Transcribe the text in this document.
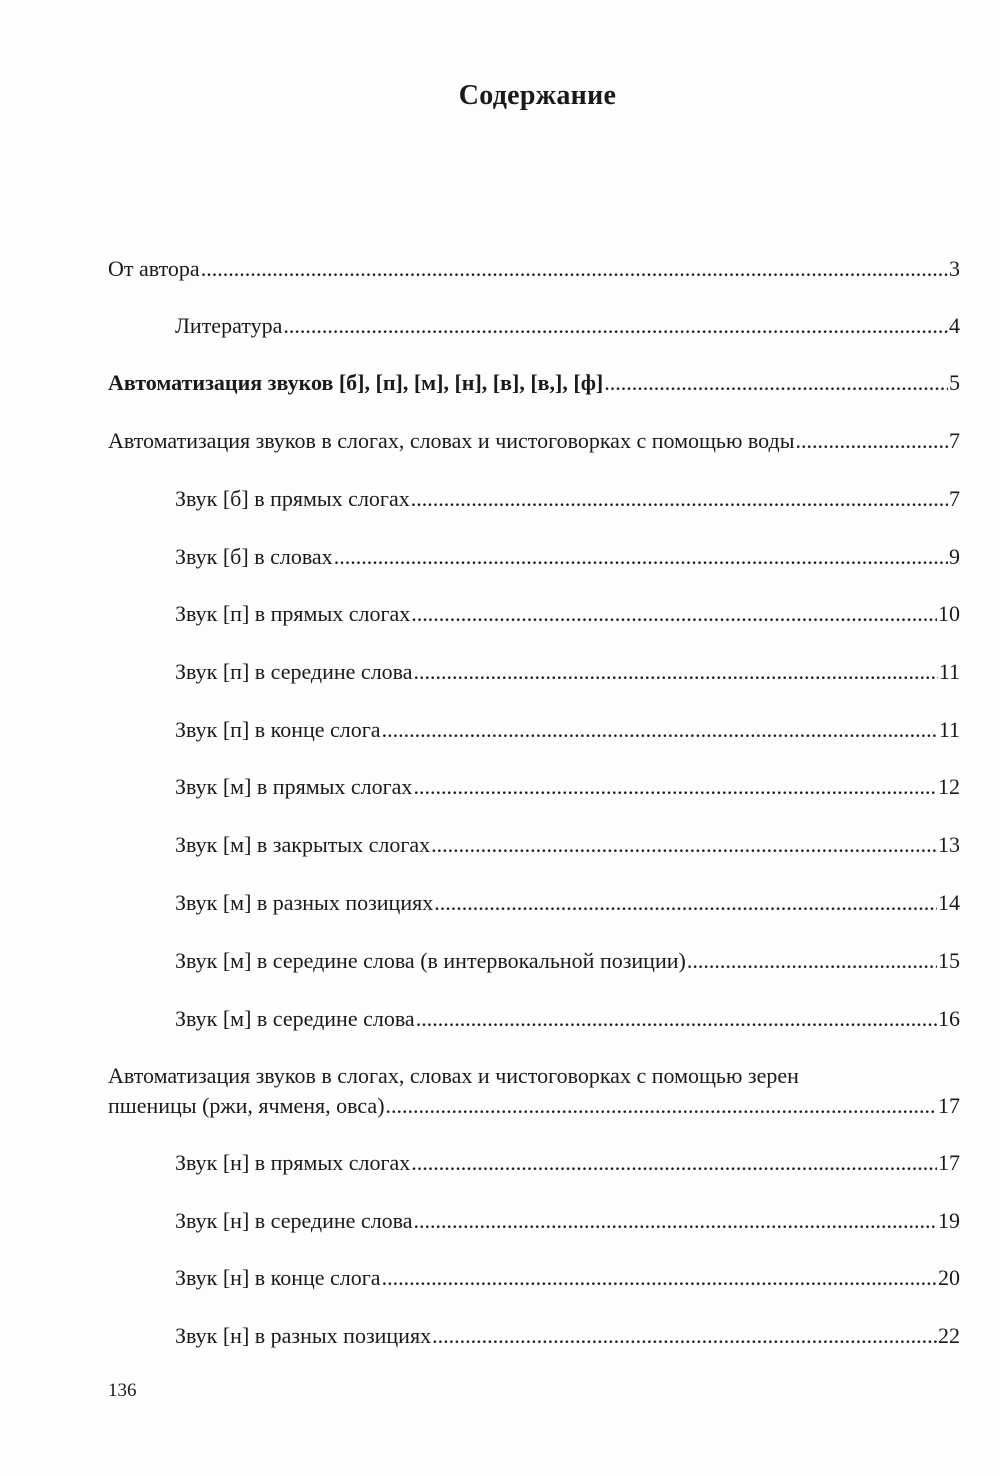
Содержание
От автора .....	3
Литература .....	4
Автоматизация звуков [б], [п], [м], [н], [в], [в,], [ф] .....	5
Автоматизация звуков в слогах, словах и чистоговорках с помощью воды .....	7
Звук [б] в прямых слогах .....	7
Звук [б] в словах .....	9
Звук [п] в прямых слогах .....	10
Звук [п] в середине слова .....	11
Звук [п] в конце слога .....	11
Звук [м] в прямых слогах .....	12
Звук [м] в закрытых слогах .....	13
Звук [м] в разных позициях .....	14
Звук [м] в середине слова (в интервокальной позиции) .....	15
Звук [м] в середине слова .....	16
Автоматизация звуков в слогах, словах и чистоговорках с помощью зерен
пшеницы (ржи, ячменя, овса) .....	17
Звук [н] в прямых слогах .....	17
Звук [н] в середине слова .....	19
Звук [н] в конце слога .....	20
Звук [н] в разных позициях .....	22
136
